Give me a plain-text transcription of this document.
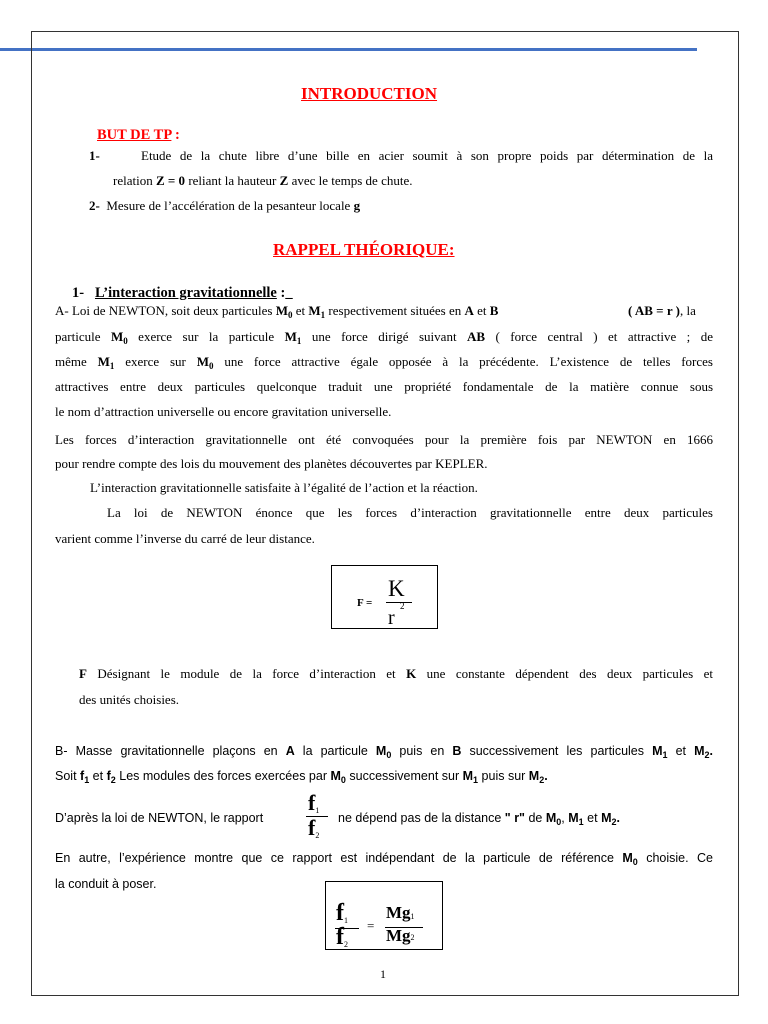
INTRODUCTION
BUT DE TP :
1-	Etude de la chute libre d’une bille en acier soumit à son propre poids par détermination de la
relation Z = 0 reliant la hauteur Z avec le temps de chute.
2- Mesure de l’accélération de la pesanteur locale g
RAPPEL THÉORIQUE:
1- L’interaction gravitationnelle :_
A- Loi de NEWTON, soit deux particules $M_0$ et $M_1$ respectivement situées en A et B	( AB = r ), la
particule $M_0$ exerce sur la particule $M_1$ une force dirigé suivant AB ( force central ) et attractive ; de
même $M_1$ exerce sur $M_0$ une force attractive égale opposée à la précédente. L’existence de telles forces
attractives entre deux particules quelconque traduit une propriété fondamentale de la matière connue sous
le nom d’attraction universelle ou encore gravitation universelle.
Les forces d’interaction gravitationnelle ont été convoquées pour la première fois par NEWTON en 1666
pour rendre compte des lois du mouvement des planètes découvertes par KEPLER.
L’interaction gravitationnelle satisfaite à l’égalité de l’action et la réaction.
La loi de NEWTON énonce que les forces d’interaction gravitationnelle entre deux particules
varient comme l’inverse du carré de leur distance.
F =
K
r
2
F Désignant le module de la force d’interaction et K une constante dépendent des deux particules et
des unités choisies.
B- Masse gravitationnelle plaçons en A la particule $M_0$ puis en B successivement les particules $M_1$ et $M_2$.
Soit $f_1$ et $f_2$ Les modules des forces exercées par $M_0$ successivement sur $M_1$ puis sur $M_2$.
D’après la loi de NEWTON, le rapport
$f_1$
$f_2$
ne dépend pas de la distance " r" de $M_0$, $M_1$ et $M_2$.
En autre, l’expérience montre que ce rapport est indépendant de la particule de référence $M_0$ choisie. Ce
la conduit à poser.
$f_1$
$f_2$
=
$Mg_1$
$Mg_2$
1
